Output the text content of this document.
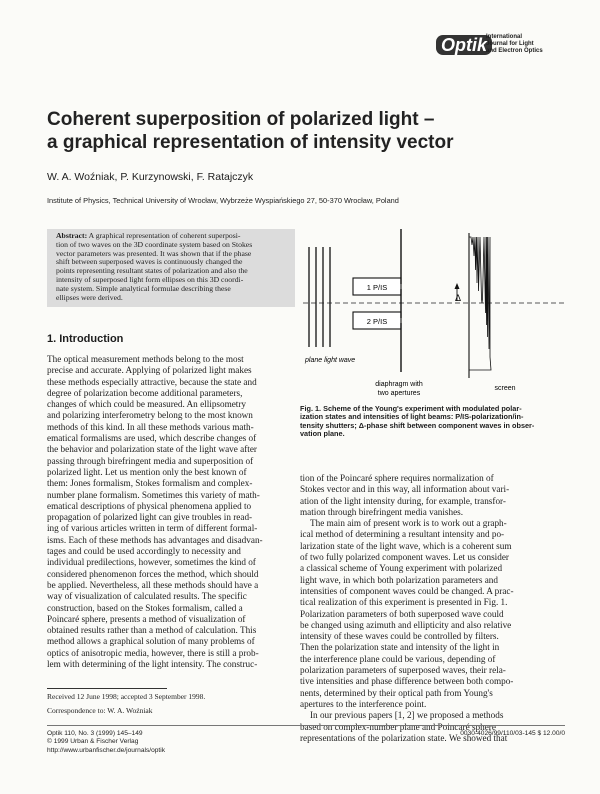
Optik
International
Journal for Light
and Electron Optics
Coherent superposition of polarized light –
a graphical representation of intensity vector
W. A. Woźniak, P. Kurzynowski, F. Ratajczyk
Institute of Physics, Technical University of Wrocław, Wybrzeże Wyspiańskiego 27, 50-370 Wrocław, Poland
Abstract: A graphical representation of coherent superposi-
tion of two waves on the 3D coordinate system based on Stokes
vector parameters was presented. It was shown that if the phase
shift between superposed waves is continuously changed the
points representing resultant states of polarization and also the
intensity of superposed light form ellipses on this 3D coordi-
nate system. Simple analytical formulae describing these
ellipses were derived.
1. Introduction
The optical measurement methods belong to the most
precise and accurate. Applying of polarized light makes
these methods especially attractive, because the state and
degree of polarization become additional parameters,
changes of which could be measured. An ellipsometry
and polarizing interferometry belong to the most known
methods of this kind. In all these methods various math-
ematical formalisms are used, which describe changes of
the behavior and polarization state of the light wave after
passing through birefringent media and superposition of
polarized light. Let us mention only the best known of
them: Jones formalism, Stokes formalism and complex-
number plane formalism. Sometimes this variety of math-
ematical descriptions of physical phenomena applied to
propagation of polarized light can give troubles in read-
ing of various articles written in term of different formal-
isms. Each of these methods has advantages and disadvan-
tages and could be used accordingly to necessity and
individual predilections, however, sometimes the kind of
considered phenomenon forces the method, which should
be applied. Nevertheless, all these methods should have a
way of visualization of calculated results. The specific
construction, based on the Stokes formalism, called a
Poincaré sphere, presents a method of visualization of
obtained results rather than a method of calculation. This
method allows a graphical solution of many problems of
optics of anisotropic media, however, there is still a prob-
lem with determining of the light intensity. The construc-
1 P/IS
2 P/IS
Δ
plane light wave
diaphragm with
two apertures
screen
Fig. 1. Scheme of the Young's experiment with modulated polar-
ization states and intensities of light beams: P/IS-polarization/in-
tensity shutters; Δ-phase shift between component waves in obser-
vation plane.
tion of the Poincaré sphere requires normalization of
Stokes vector and in this way, all information about vari-
ation of the light intensity during, for example, transfor-
mation through birefringent media vanishes.
The main aim of present work is to work out a graph-
ical method of determining a resultant intensity and po-
larization state of the light wave, which is a coherent sum
of two fully polarized component waves. Let us consider
a classical scheme of Young experiment with polarized
light wave, in which both polarization parameters and
intensities of component waves could be changed. A prac-
tical realization of this experiment is presented in Fig. 1.
Polarization parameters of both superposed wave could
be changed using azimuth and ellipticity and also relative
intensity of these waves could be controlled by filters.
Then the polarization state and intensity of the light in
the interference plane could be various, depending of
polarization parameters of superposed waves, their rela-
tive intensities and phase difference between both compo-
nents, determined by their optical path from Young's
apertures to the interference point.
In our previous papers [1, 2] we proposed a methods
based on complex-number plane and Poincaré sphere
representations of the polarization state. We showed that
Received 12 June 1998; accepted 3 September 1998.
Correspondence to: W. A. Woźniak
Optik 110, No. 3 (1999) 145–149
© 1999 Urban & Fischer Verlag
http://www.urbanfischer.de/journals/optik
0030-4026/99/110/03-145 $ 12.00/0
